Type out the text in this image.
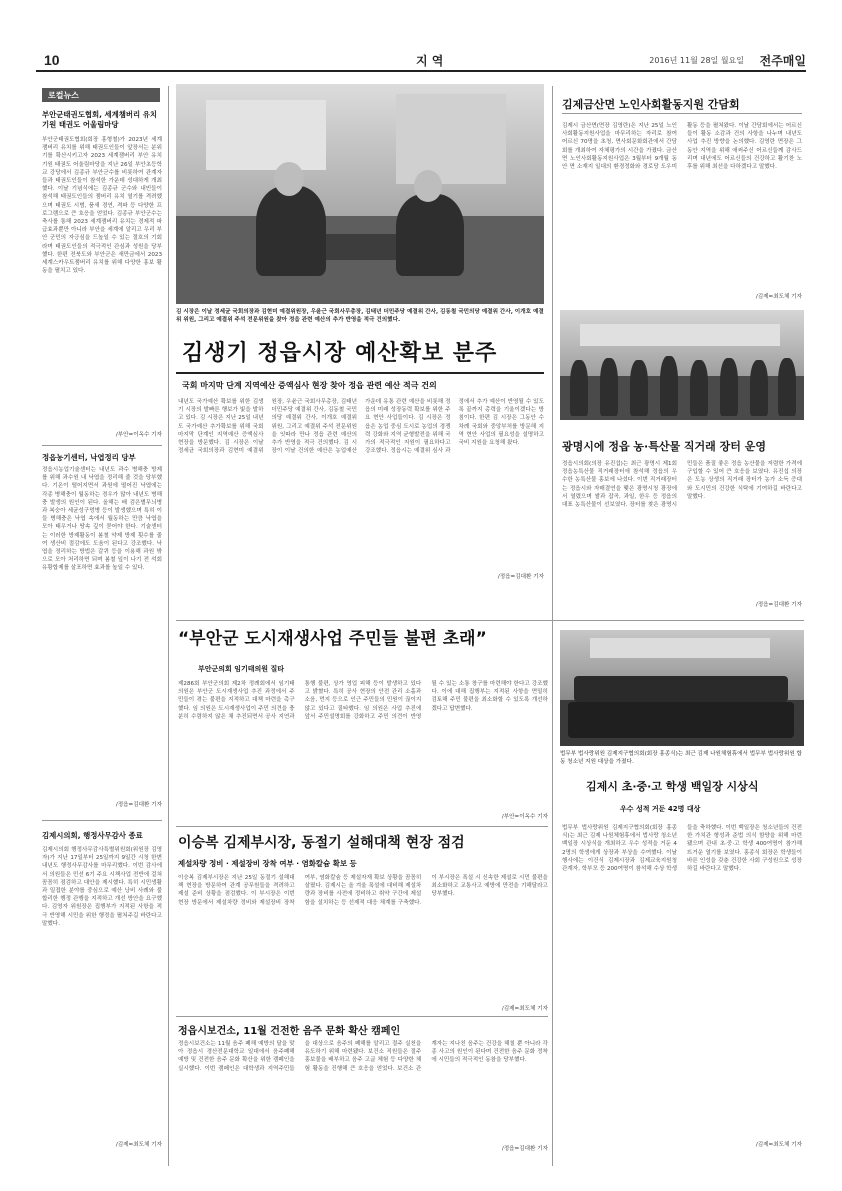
10	지 역	2016년 11월 28일 월요일 전주매일
로컬뉴스
부안군태권도협회, 세계챔버리 유치기원 태권도 어울림마당
부안군태권도협회(회장 홍형철)가 2023년 세계잼버리 유치를 위해 태권도인들이 앞장서는 분위기를 확산시키고자 2023 세계잼버리 부안 유치 기원 태권도 어울림마당을 지난 26일 부안초등학교 강당에서 김종규 부안군수를 비롯하여 관계자들과 태권도인들이 참석한 가운데 성대하게 개최했다. 이날 기념식에는 김종규 군수와 내빈들이 참석해 태권도인들의 잼버리 유치 열기를 격려했으며 태권도 시범, 품새 경연, 격파 등 다양한 프로그램으로 큰 호응을 얻었다. 김종규 부안군수는 축사를 통해 2023 세계잼버리 유치는 경제적 파급효과뿐만 아니라 부안을 세계에 알리고 우리 부안 군민의 자긍심을 드높일 수 있는 절호의 기회라며 태권도인들의 적극적인 관심과 성원을 당부했다. 한편 전북도와 부안군은 새만금에서 2023 세계스카우트잼버리 유치를 위해 다양한 홍보 활동을 펼치고 있다.
/부안=이옥수 기자
정읍농기센터, 낙엽정리 당부
정읍시농업기술센터는 내년도 과수 병해충 방제를 위해 과수원 내 낙엽을 정리해 줄 것을 당부했다. 기온이 떨어지면서 과원에 떨어진 낙엽에는 각종 병해충이 월동하는 경우가 많아 내년도 병해충 발생의 원인이 된다. 올해는 배 검은별무늬병과 복숭아 세균성구멍병 등이 발생했으며 특히 이들 병해충은 낙엽 속에서 월동하는 만큼 낙엽을 모아 태우거나 땅속 깊이 묻어야 한다. 기술센터는 이러한 방제활동이 봄철 약제 방제 횟수를 줄여 생산비 절감에도 도움이 된다고 강조했다. 낙엽을 정리하는 방법은 갈퀴 등을 이용해 과원 밖으로 모아 처리하면 되며 봄철 잎이 나기 전 석회유황합제를 살포하면 효과를 높일 수 있다.
/정읍=김대환 기자
김제시의회, 행정사무감사 종료
김제시의회 행정사무감사특별위원회(위원장 김영자)가 지난 17일부터 25일까지 9일간 시청 한변 내년도 행정사무감사를 마무리했다. 이번 감사에서 의원들은 민선 6기 주요 시책사업 전반에 걸쳐 꼼꼼히 점검하고 대안을 제시했다. 특히 시민생활과 밀접한 분야를 중심으로 예산 낭비 사례와 불합리한 행정 관행을 지적하고 개선 방안을 요구했다. 김영자 위원장은 집행부가 지적된 사항을 적극 반영해 시민을 위한 행정을 펼쳐주길 바란다고 말했다.
/김제=최도체 기자
김 시장은 이날 정세균 국회의장과 김현미 예결위원장, 우윤근 국회사무총장, 김태년 더민주당 예결위 간사, 김동철 국민의당 예결위 간사, 이개호 예결위 위원, 그리고 예결위 주석 전문위원을 찾아 정읍 관련 예산의 추가 반영을 적극 건의했다.
김생기 정읍시장 예산확보 분주
국회 마지막 단계 지역예산 증액심사 현장 찾아 정읍 관련 예산 적극 건의
내년도 국가예산 확보를 위한 김생기 시장의 발빠른 행보가 빛을 발하고 있다. 김 시장은 지난 25일 내년도 국가예산 추가확보를 위해 국회 마지막 단계인 지역예산 증액심사 현장을 방문했다. 김 시장은 이날 정세균 국회의장과 김현미 예결위원장, 우윤근 국회사무총장, 김태년 더민주당 예결위 간사, 김동철 국민의당 예결위 간사, 이개호 예결위 위원, 그리고 예결위 주석 전문위원을 잇따라 만나 정읍 관련 예산의 추가 반영을 적극 건의했다. 김 시장이 이날 건의한 예산은 농업예산 가운데 유통 관련 예산을 비롯해 정읍의 미래 성장동력 확보를 위한 주요 현안 사업들이다. 김 시장은 정읍은 농업 중심 도시로 농업의 경쟁력 강화와 지역 균형발전을 위해 국가의 적극적인 지원이 필요하다고 강조했다. 정읍시는 예결위 심사 과정에서 추가 예산이 반영될 수 있도록 끝까지 총력을 기울이겠다는 방침이다. 한편 김 시장은 그동안 수차례 국회와 중앙부처를 방문해 지역 현안 사업의 필요성을 설명하고 국비 지원을 요청해 왔다.
/정읍=김대환 기자
김제금산면 노인사회활동지원 간담회
김제시 금산면(면장 김영란)은 지난 25일 노인사회활동지원사업을 마무리하는 자리로 참여 어르신 70명을 초청, 면사회문화회관에서 간담회를 개최하여 자체평가의 시간을 가졌다. 금산면 노인사회활동지원사업은 3월부터 9개월 동안 면 소재지 일대의 환경정화와 경로당 도우미 활동 등을 펼쳐왔다. 이날 간담회에서는 어르신들이 활동 소감과 건의 사항을 나누며 내년도 사업 추진 방향을 논의했다. 김영란 면장은 그동안 지역을 위해 애써주신 어르신들께 감사드리며 내년에도 어르신들의 건강하고 활기찬 노후를 위해 최선을 다하겠다고 말했다.
/김제=최도체 기자
광명시에 정읍 농·특산물 직거래 장터 운영
정읍시의회(의장 유진섭)는 최근 광명시 제1회 정읍농특산물 직거래장터에 참석해 정읍의 우수한 농특산물 홍보에 나섰다. 이번 직거래장터는 정읍시와 자매결연을 맺은 광명시청 광장에서 열렸으며 쌀과 잡곡, 과일, 한우 등 정읍의 대표 농특산물이 선보였다. 장터를 찾은 광명시민들은 품질 좋은 정읍 농산물을 저렴한 가격에 구입할 수 있어 큰 호응을 보였다. 유진섭 의장은 도농 상생의 직거래 장터가 농가 소득 증대와 도시민의 건강한 식탁에 기여하길 바란다고 말했다.
/정읍=김대환 기자
“부안군 도시재생사업 주민들 불편 초래”
부안군의회 임기태의원 질타
제286회 부안군의회 제2차 정례회에서 임기태 의원은 부안군 도시재생사업 추진 과정에서 주민들이 겪는 불편을 지적하고 대책 마련을 촉구했다. 임 의원은 도시재생사업이 주민 의견을 충분히 수렴하지 않은 채 추진되면서 공사 지연과 통행 불편, 상가 영업 피해 등이 발생하고 있다고 밝혔다. 특히 공사 현장의 안전 관리 소홀과 소음, 먼지 등으로 인근 주민들의 민원이 끊이지 않고 있다고 질타했다. 임 의원은 사업 추진에 앞서 주민설명회를 강화하고 주민 의견이 반영될 수 있는 소통 창구를 마련해야 한다고 강조했다. 이에 대해 집행부는 지적된 사항을 면밀히 검토해 주민 불편을 최소화할 수 있도록 개선하겠다고 답변했다.
/부안=이옥수 기자
법무부 법사랑위원 김제지구협의회(회장 홍종식)는 최근 김제 나원체험휴에서 법무부 법사랑위원 합동 청소년 지원 대상을 가졌다.
김제시 초·중·고 학생 백일장 시상식
우수 성적 거둔 42명 대상
법무부 법사랑위원 김제지구협의회(회장 홍종식)는 최근 김제 나원체험휴에서 법사랑 청소년 백일장 시상식을 개최하고 우수 성적을 거둔 42명의 학생에게 상장과 부상을 수여했다. 이날 행사에는 이건식 김제시장과 김제교육지원청 관계자, 학부모 등 200여명이 참석해 수상 학생들을 축하했다. 이번 백일장은 청소년들의 건전한 가치관 형성과 준법 의식 함양을 위해 마련됐으며 관내 초·중·고 학생 400여명이 참가해 뜨거운 열기를 보였다. 홍종식 회장은 학생들이 바른 인성을 갖춘 건강한 사회 구성원으로 성장하길 바란다고 말했다.
/김제=최도체 기자
이승복 김제부시장, 동절기 설해대책 현장 점검
제설차량 정비 · 제설장비 장착 여부 · 염화칼슘 확보 등
이승복 김제부시장은 지난 25일 동절기 설해대책 현장을 방문하여 관계 공무원들을 격려하고 제설 준비 상황을 점검했다. 이 부시장은 이번 현장 방문에서 제설차량 정비와 제설장비 장착 여부, 염화칼슘 등 제설자재 확보 상황을 꼼꼼히 살폈다. 김제시는 올 겨울 폭설에 대비해 제설차량과 장비를 사전에 정비하고 취약 구간에 제설함을 설치하는 등 선제적 대응 체계를 구축했다. 이 부시장은 폭설 시 신속한 제설로 시민 불편을 최소화하고 교통사고 예방에 만전을 기해달라고 당부했다.
/김제=최도체 기자
정읍시보건소, 11월 건전한 음주 문화 확산 캠페인
정읍시보건소는 11월 음주 폐해 예방의 달을 맞아 정읍시 경산전문대학교 일대에서 음주폐해 예방 및 건전한 음주 문화 확산을 위한 캠페인을 실시했다. 이번 캠페인은 대학생과 지역주민들을 대상으로 음주의 폐해를 알리고 절주 실천을 유도하기 위해 마련됐다. 보건소 직원들은 절주 홍보물을 배부하고 음주 고글 체험 등 다양한 체험 활동을 진행해 큰 호응을 얻었다. 보건소 관계자는 지나친 음주는 건강을 해칠 뿐 아니라 각종 사고의 원인이 된다며 건전한 음주 문화 정착에 시민들의 적극적인 동참을 당부했다.
/정읍=김대환 기자
